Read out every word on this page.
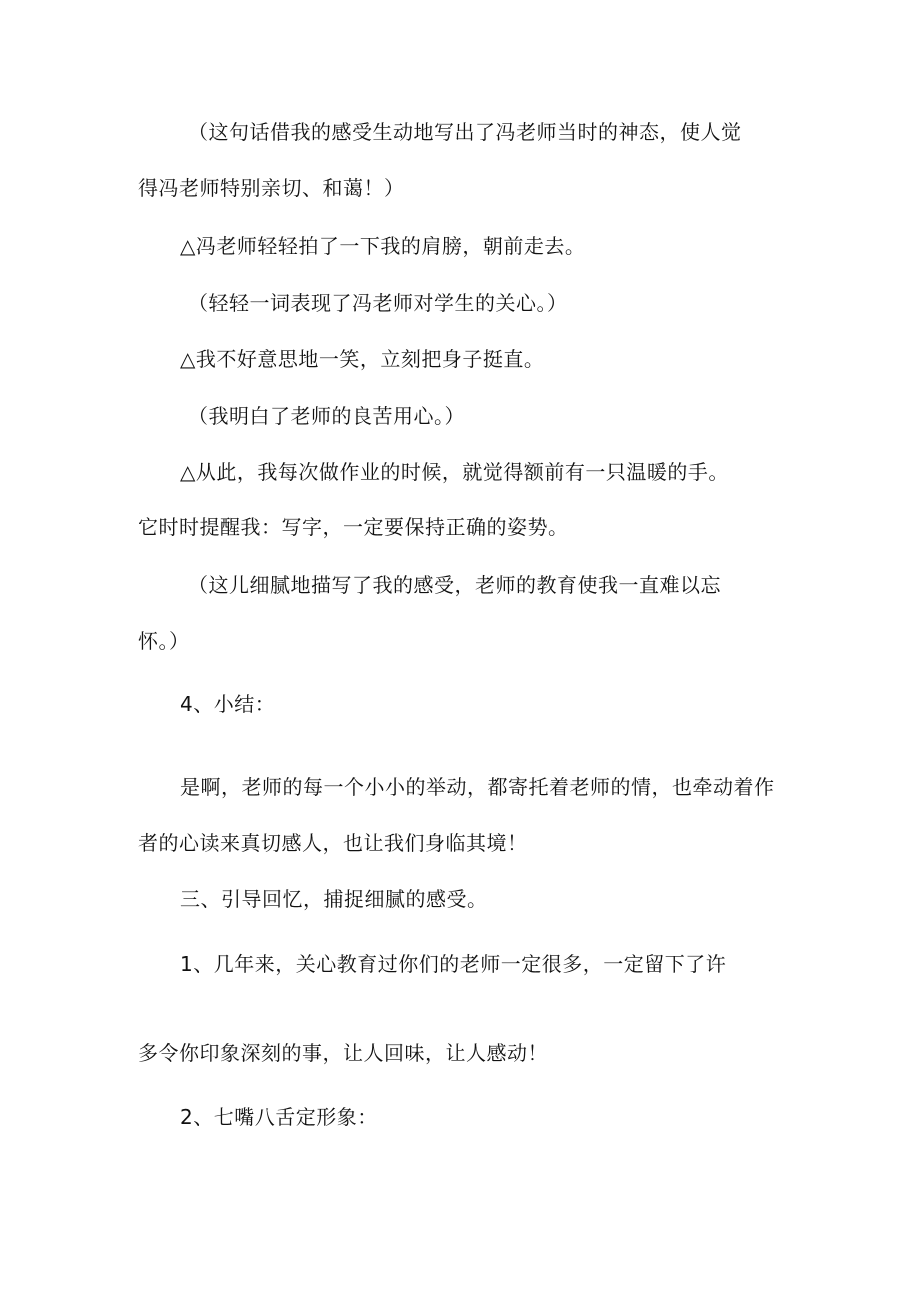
（这句话借我的感受生动地写出了冯老师当时的神态，使人觉
得冯老师特别亲切、和蔼！）
△冯老师轻轻拍了一下我的肩膀，朝前走去。
（轻轻一词表现了冯老师对学生的关心。）
△我不好意思地一笑，立刻把身子挺直。
（我明白了老师的良苦用心。）
△从此，我每次做作业的时候，就觉得额前有一只温暖的手。
它时时提醒我：写字，一定要保持正确的姿势。
（这儿细腻地描写了我的感受，老师的教育使我一直难以忘
怀。）
4、小结：
是啊，老师的每一个小小的举动，都寄托着老师的情，也牵动着作
者的心读来真切感人，也让我们身临其境！
三、引导回忆，捕捉细腻的感受。
1、几年来，关心教育过你们的老师一定很多，一定留下了许
多令你印象深刻的事，让人回味，让人感动！
2、七嘴八舌定形象：
